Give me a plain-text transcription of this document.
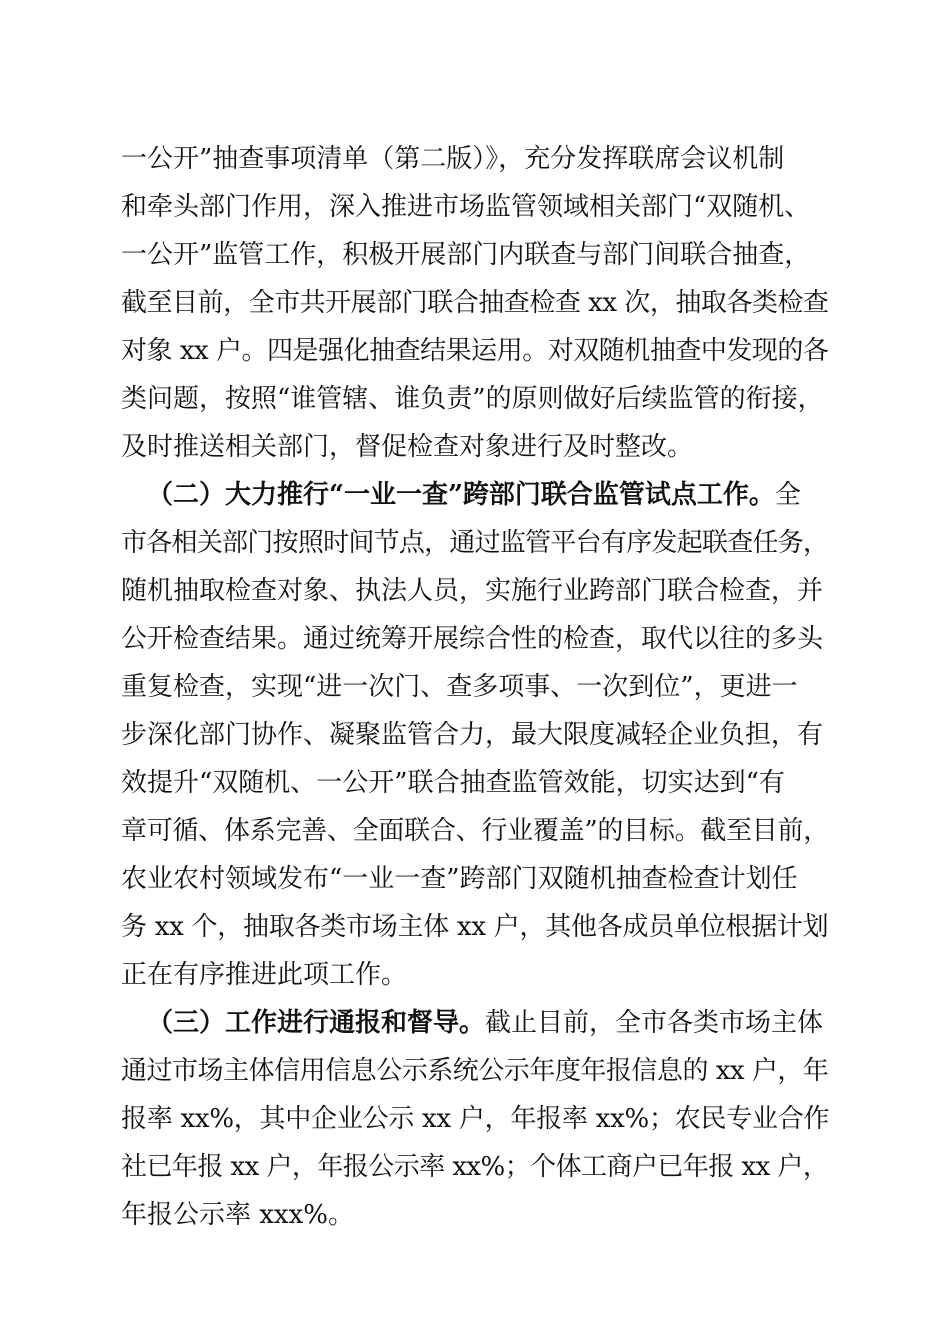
一公开”抽查事项清单（第二版）》，充分发挥联席会议机制

和牵头部门作用，深入推进市场监管领域相关部门“双随机、

一公开”监管工作，积极开展部门内联查与部门间联合抽查，

截至目前，全市共开展部门联合抽查检查 xx 次，抽取各类检查

对象 xx 户。四是强化抽查结果运用。对双随机抽查中发现的各

类问题，按照“谁管辖、谁负责”的原则做好后续监管的衔接，

及时推送相关部门，督促检查对象进行及时整改。

（二）大力推行“一业一查”跨部门联合监管试点工作。全

市各相关部门按照时间节点，通过监管平台有序发起联查任务，

随机抽取检查对象、执法人员，实施行业跨部门联合检查，并

公开检查结果。通过统筹开展综合性的检查，取代以往的多头

重复检查，实现“进一次门、查多项事、一次到位”，更进一

步深化部门协作、凝聚监管合力，最大限度减轻企业负担，有

效提升“双随机、一公开”联合抽查监管效能，切实达到“有

章可循、体系完善、全面联合、行业覆盖”的目标。截至目前，

农业农村领域发布“一业一查”跨部门双随机抽查检查计划任

务 xx 个，抽取各类市场主体 xx 户，其他各成员单位根据计划

正在有序推进此项工作。

（三）工作进行通报和督导。截止目前，全市各类市场主体

通过市场主体信用信息公示系统公示年度年报信息的 xx 户，年

报率 xx%，其中企业公示 xx 户，年报率 xx%；农民专业合作

社已年报 xx 户，年报公示率 xx%；个体工商户已年报 xx 户，

年报公示率 xxx%。
